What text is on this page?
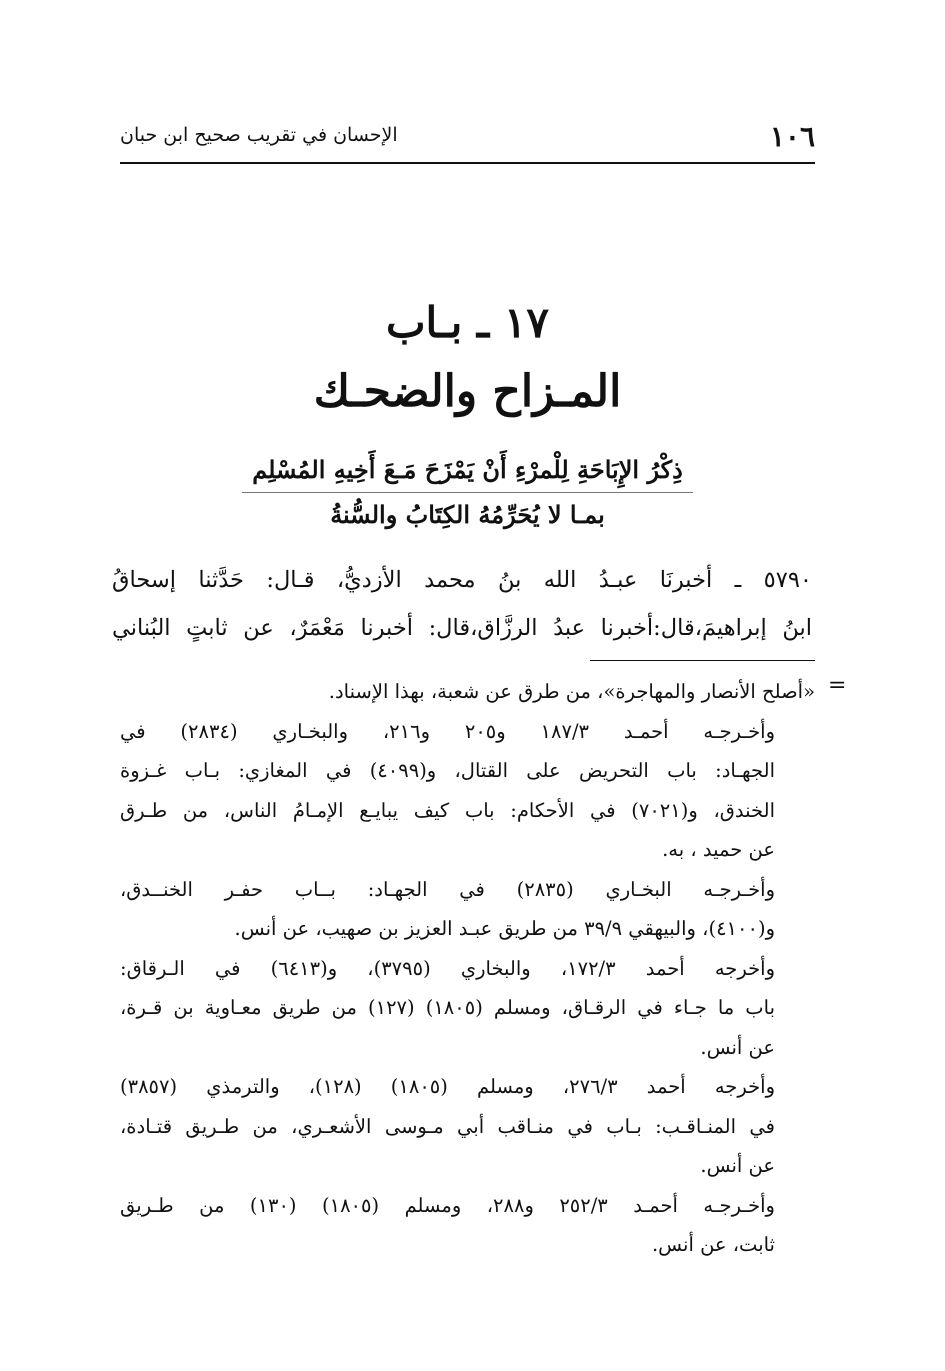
١٠٦
الإحسان في تقريب صحيح ابن حبان
١٧ ـ بـاب
المـزاح والضحـك
ذِكْرُ الإِبَاحَةِ لِلْمرْءِ أَنْ يَمْزَحَ مَـعَ أَخِيهِ المُسْلِم
بمـا لا يُحَرِّمُهُ الكِتَابُ والسُّنةُ

٥٧٩٠ ـ أخبرنَا عبـدُ الله بنُ محمد الأزديُّ، قـال: حَدَّثنا إسحاقُ

ابنُ إبراهيمَ،قال:أخبرنا عبدُ الرزَّاق،قال: أخبرنا مَعْمَرٌ، عن ثابتٍ البُناني

=
«أصلح الأنصار والمهاجرة»، من طرق عن شعبة، بهذا الإسناد.
وأخـرجـه أحمـد ١٨٧/٣ و٢٠٥ و٢١٦، والبخـاري (٢٨٣٤) في
الجهـاد: باب التحريض على القتال، و(٤٠٩٩) في المغازي: بـاب غـزوة
الخندق، و(٧٠٢١) في الأحكام: باب كيف يبايـع الإمـامُ الناس، من طـرق
عن حميد ، به.
وأخـرجـه البخـاري (٢٨٣٥) في الجهـاد: بــاب حفـر الخنــدق،
و(٤١٠٠)، والبيهقي ٣٩/٩ من طريق عبـد العزيز بن صهيب، عن أنس.
وأخرجه أحمد ١٧٢/٣، والبخاري (٣٧٩٥)، و(٦٤١٣) في الـرقاق:
باب ما جـاء في الرقـاق، ومسلم (١٨٠٥) (١٢٧) من طريق معـاوية بن قـرة،
عن أنس.
وأخرجه أحمد ٢٧٦/٣، ومسلم (١٨٠٥) (١٢٨)، والترمذي (٣٨٥٧)
في المنـاقـب: بـاب في منـاقب أبي مـوسى الأشعـري، من طـريق قتـادة،
عن أنس.
وأخـرجـه أحمـد ٢٥٢/٣ و٢٨٨، ومسلم (١٨٠٥) (١٣٠) من طـريق
ثابت، عن أنس.
